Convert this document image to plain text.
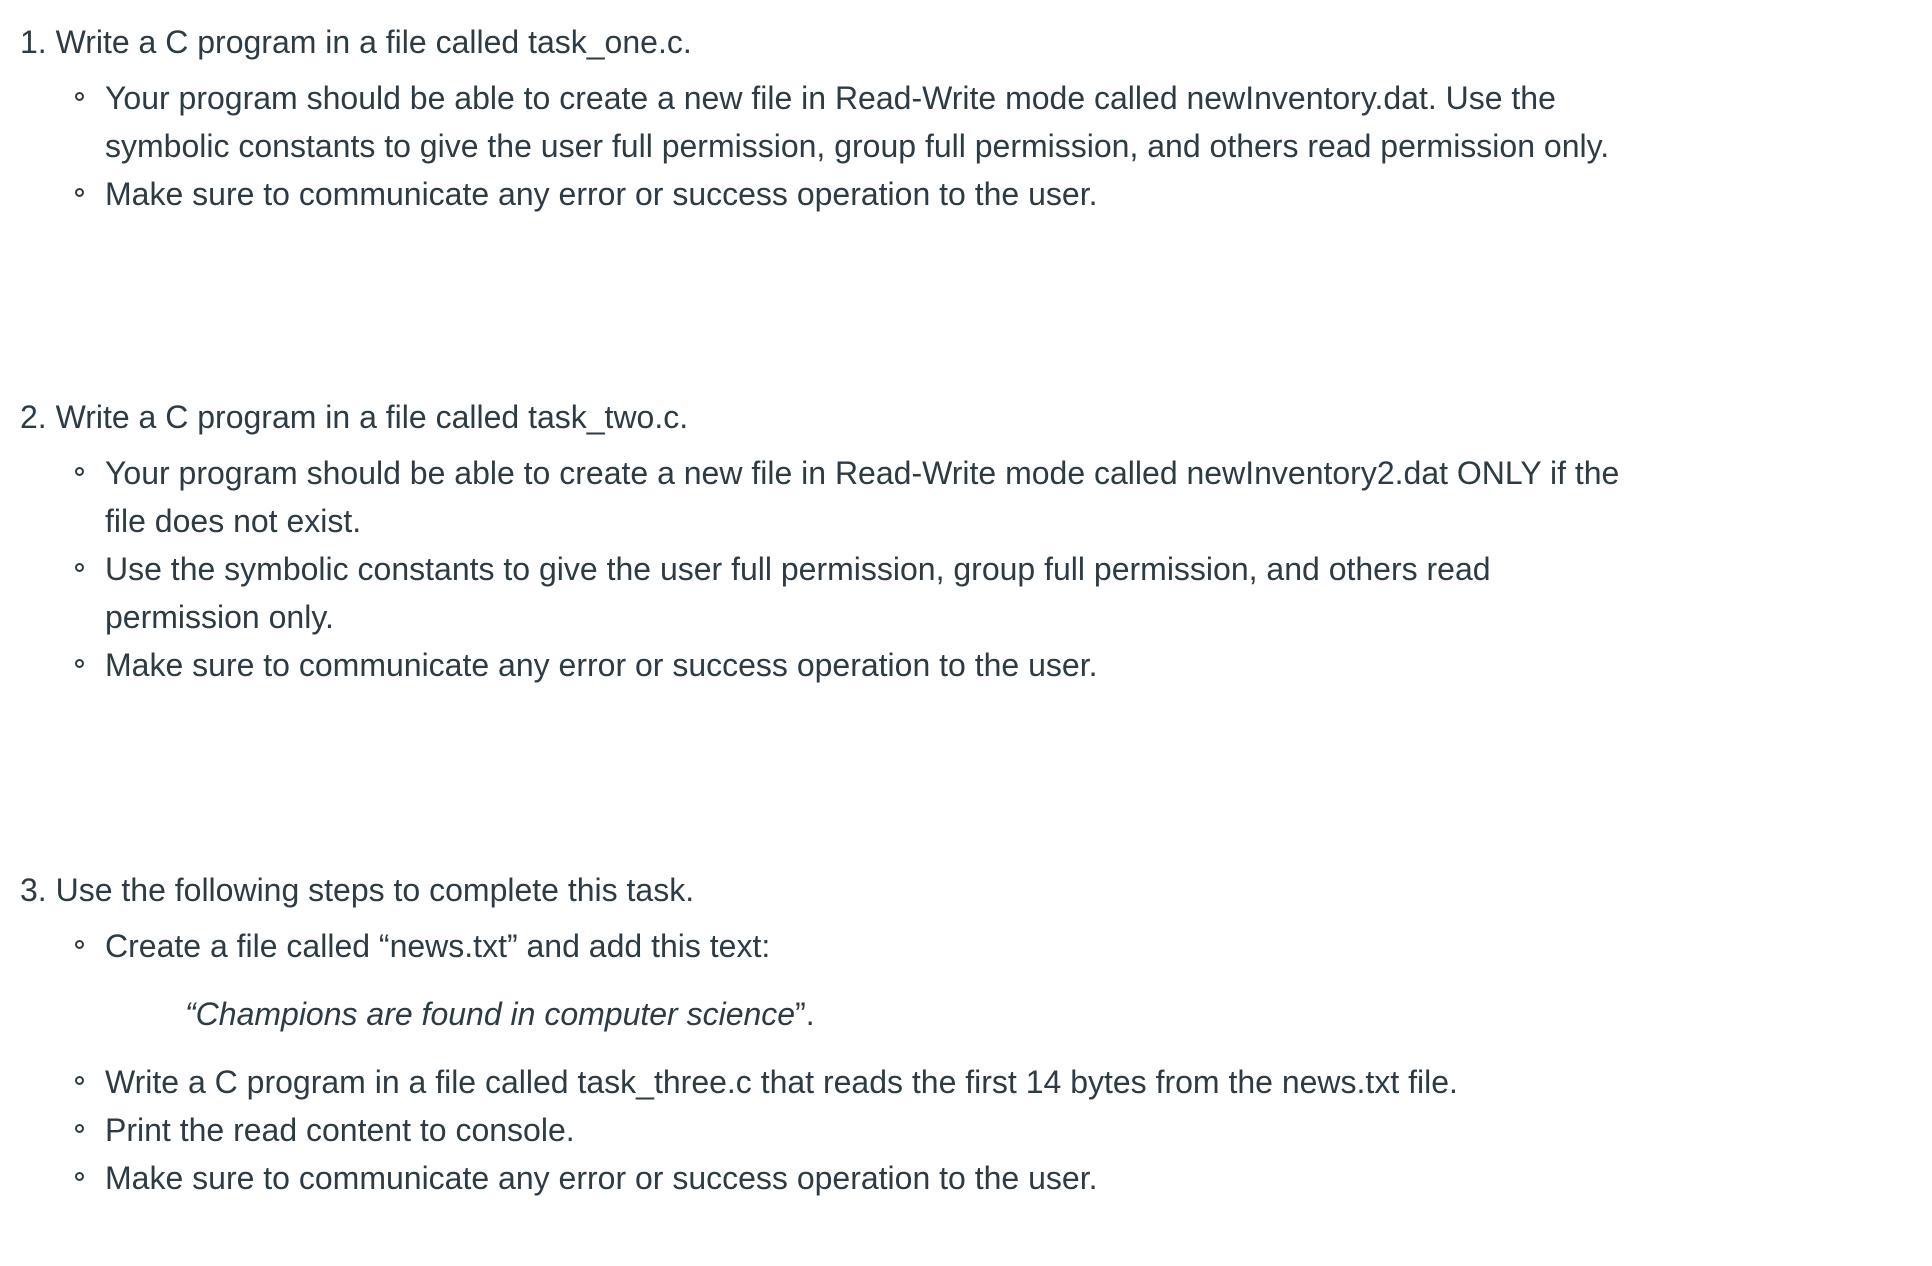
1. Write a C program in a file called task_one.c.

Your program should be able to create a new file in Read-Write mode called newInventory.dat. Use the symbolic constants to give the user full permission, group full permission, and others read permission only.
Make sure to communicate any error or success operation to the user.

2. Write a C program in a file called task_two.c.

Your program should be able to create a new file in Read-Write mode called newInventory2.dat ONLY if the file does not exist.
Use the symbolic constants to give the user full permission, group full permission, and others read permission only.
Make sure to communicate any error or success operation to the user.

3. Use the following steps to complete this task.

Create a file called “news.txt” and add this text:
“Champions are found in computer science”.
Write a C program in a file called task_three.c that reads the first 14 bytes from the news.txt file.
Print the read content to console.
Make sure to communicate any error or success operation to the user.
